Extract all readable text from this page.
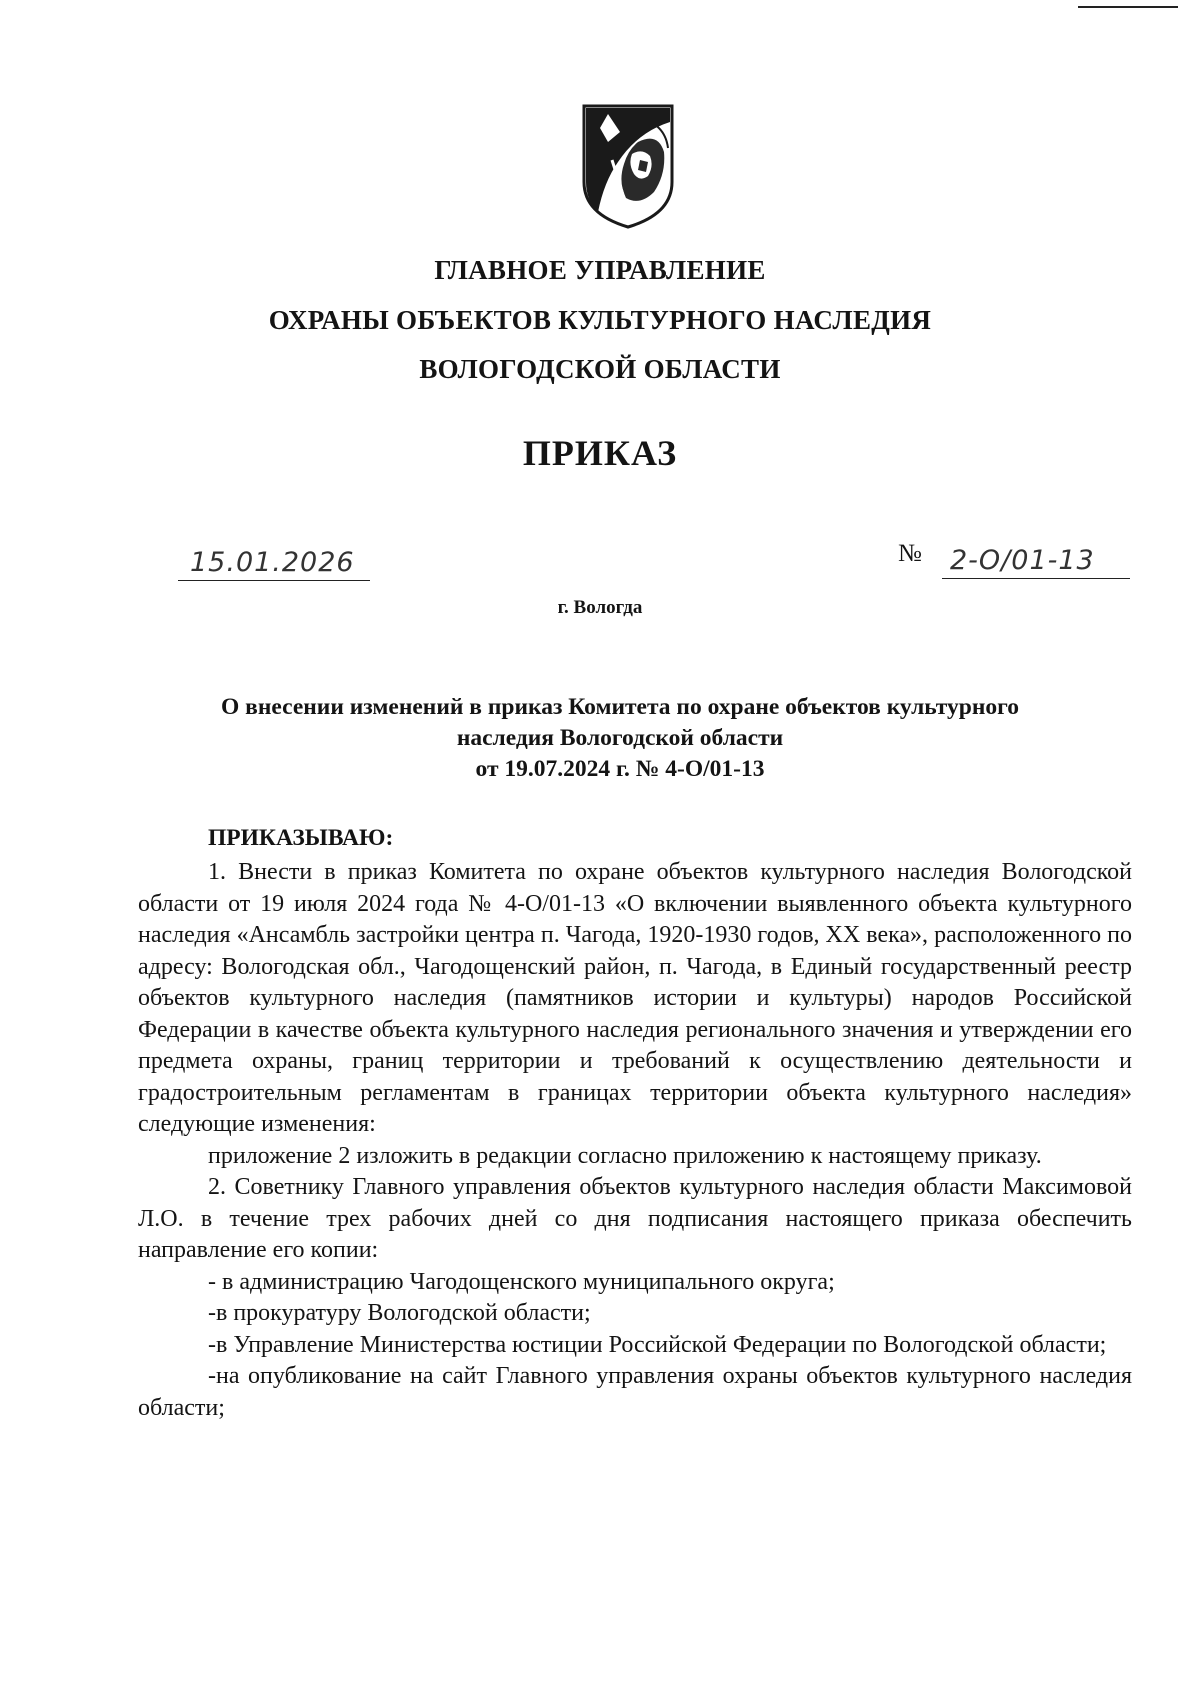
ГЛАВНОЕ УПРАВЛЕНИЕ
ОХРАНЫ ОБЪЕКТОВ КУЛЬТУРНОГО НАСЛЕДИЯ
ВОЛОГОДСКОЙ ОБЛАСТИ
ПРИКАЗ
15.01.2026	№ 2-О/01-13
г. Вологда
О внесении изменений в приказ Комитета по охране объектов культурного
наследия Вологодской области
от 19.07.2024 г. № 4-О/01-13
ПРИКАЗЫВАЮ:

1. Внести в приказ Комитета по охране объектов культурного наследия Вологодской области от 19 июля 2024 года № 4-О/01-13 «О включении выявленного объекта культурного наследия «Ансамбль застройки центра п. Чагода, 1920-1930 годов, XX века», расположенного по адресу: Вологодская обл., Чагодощенский район, п. Чагода, в Единый государственный реестр объектов культурного наследия (памятников истории и культуры) народов Российской Федерации в качестве объекта культурного наследия регионального значения и утверждении его предмета охраны, границ территории и требований к осуществлению деятельности и градостроительным регламентам в границах территории объекта культурного наследия» следующие изменения:

приложение 2 изложить в редакции согласно приложению к настоящему приказу.

2. Советнику Главного управления объектов культурного наследия области Максимовой Л.О. в течение трех рабочих дней со дня подписания настоящего приказа обеспечить направление его копии:

- в администрацию Чагодощенского муниципального округа;

-в прокуратуру Вологодской области;

-в Управление Министерства юстиции Российской Федерации по Вологодской области;

-на опубликование на сайт Главного управления охраны объектов культурного наследия области;
